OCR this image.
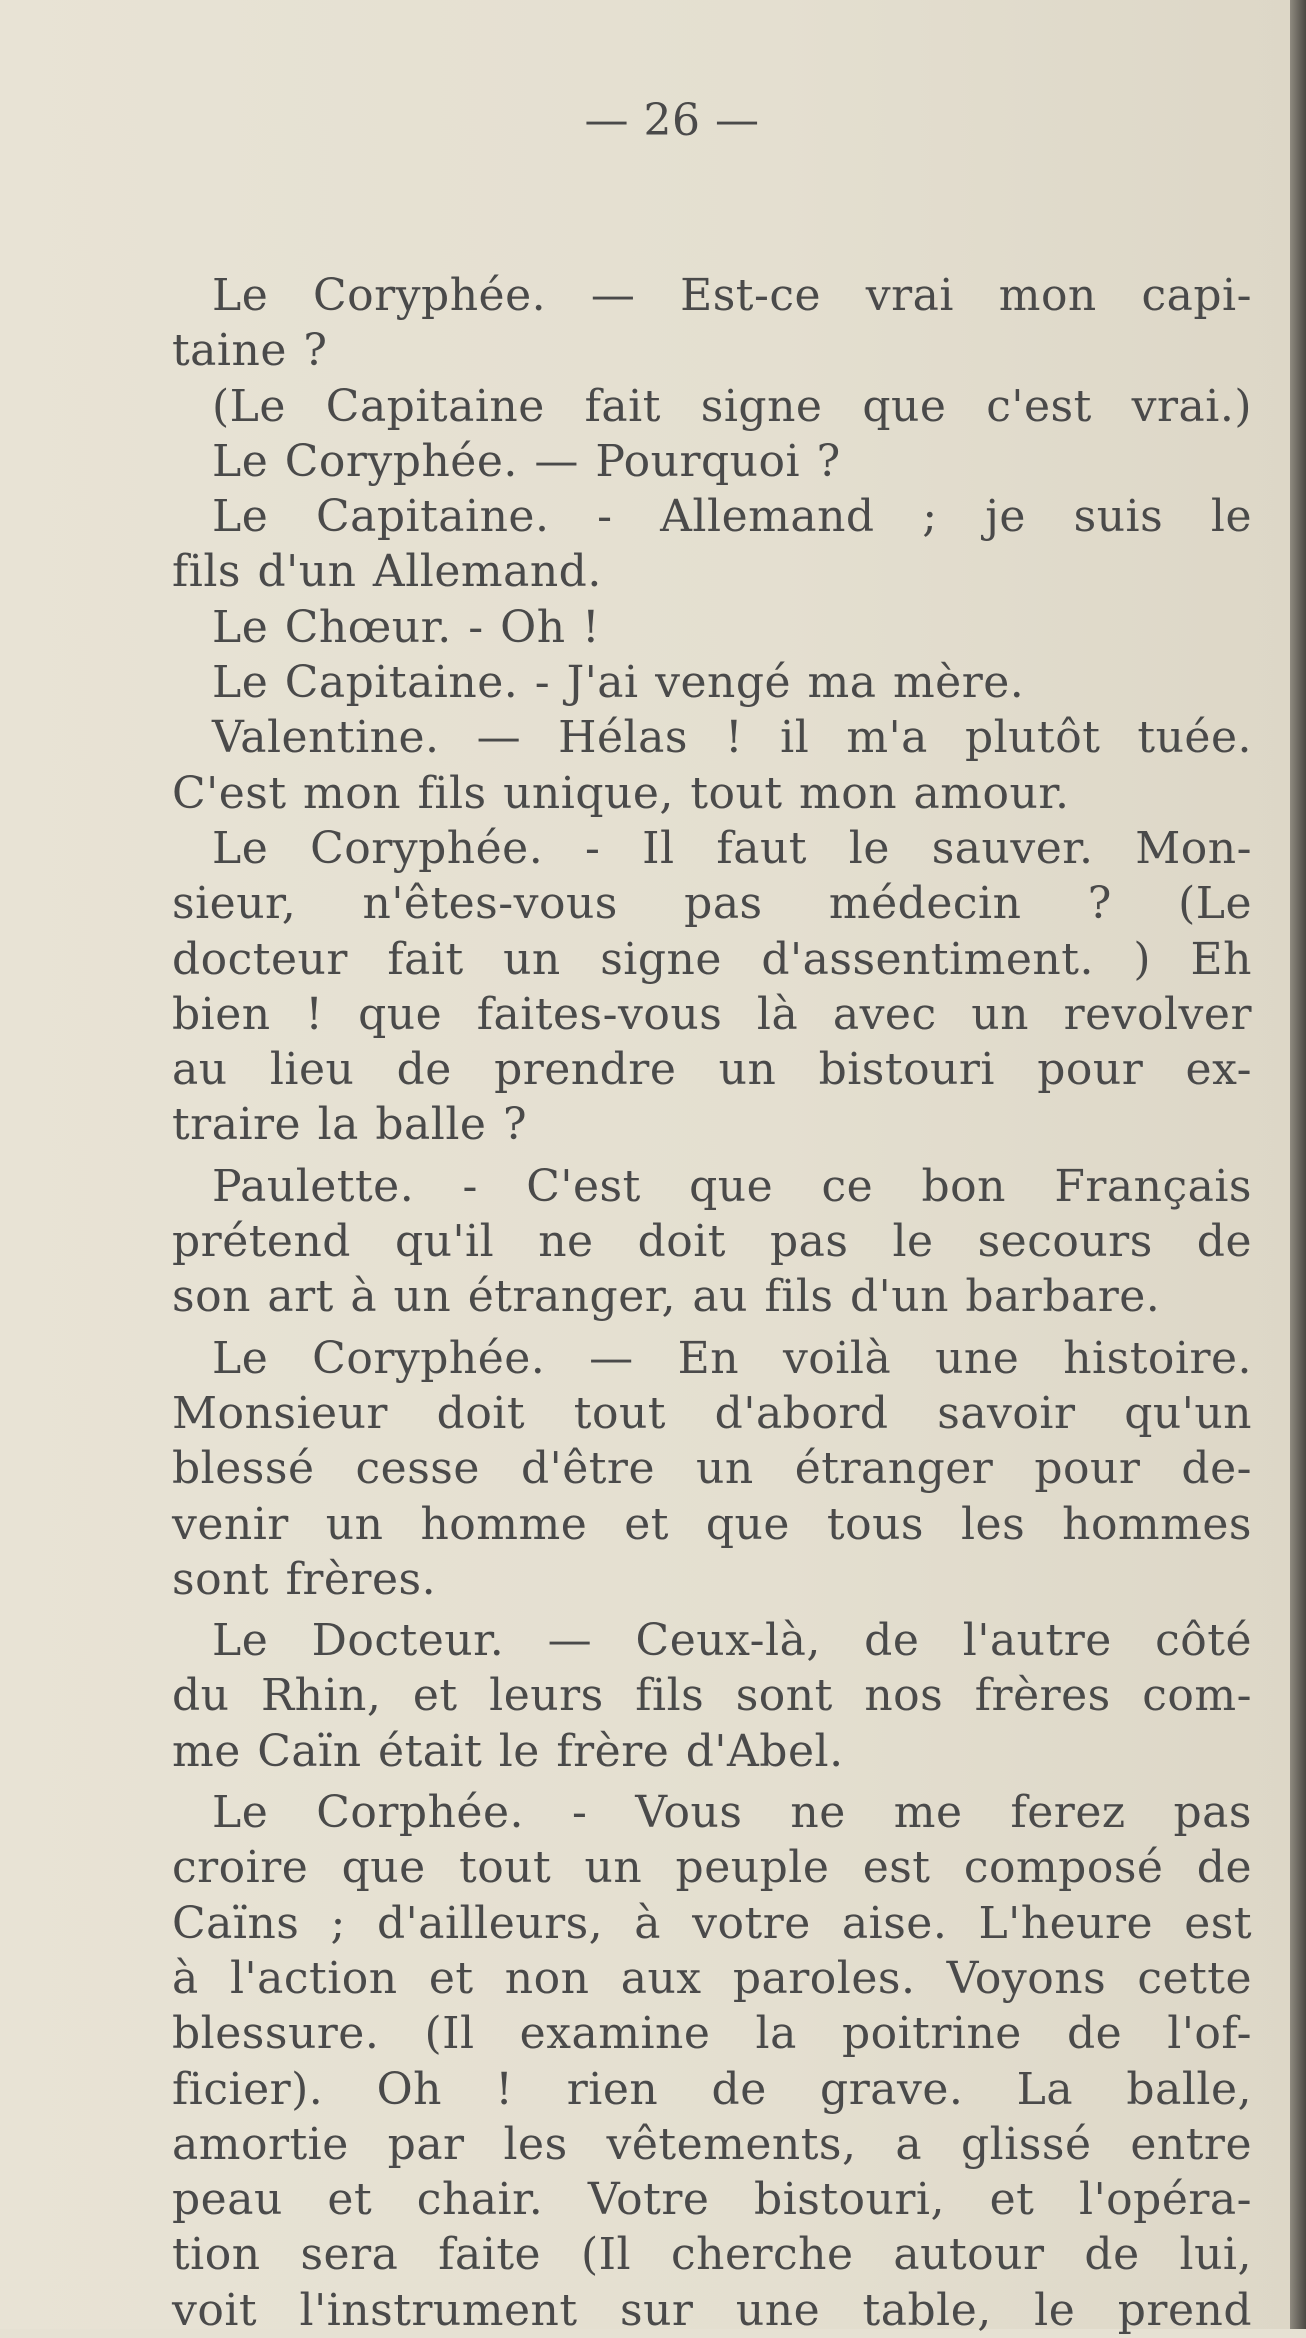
— 26 —
Le Coryphée. — Est-ce vrai mon capi-
taine ?
(Le Capitaine fait signe que c'est vrai.)
Le Coryphée. — Pourquoi ?
Le Capitaine. - Allemand ; je suis le
fils d'un Allemand.
Le Chœur. - Oh !
Le Capitaine. - J'ai vengé ma mère.
Valentine. — Hélas ! il m'a plutôt tuée.
C'est mon fils unique, tout mon amour.
Le Coryphée. - Il faut le sauver. Mon-
sieur, n'êtes-vous pas médecin ? (Le
docteur fait un signe d'assentiment. ) Eh
bien ! que faites-vous là avec un revolver
au lieu de prendre un bistouri pour ex-
traire la balle ?
Paulette. - C'est que ce bon Français
prétend qu'il ne doit pas le secours de
son art à un étranger, au fils d'un barbare.
Le Coryphée. — En voilà une histoire.
Monsieur doit tout d'abord savoir qu'un
blessé cesse d'être un étranger pour de-
venir un homme et que tous les hommes
sont frères.
Le Docteur. — Ceux-là, de l'autre côté
du Rhin, et leurs fils sont nos frères com-
me Caïn était le frère d'Abel.
Le Corphée. - Vous ne me ferez pas
croire que tout un peuple est composé de
Caïns ; d'ailleurs, à votre aise. L'heure est
à l'action et non aux paroles. Voyons cette
blessure. (Il examine la poitrine de l'of-
ficier). Oh ! rien de grave. La balle,
amortie par les vêtements, a glissé entre
peau et chair. Votre bistouri, et l'opéra-
tion sera faite (Il cherche autour de lui,
voit l'instrument sur une table, le prend
